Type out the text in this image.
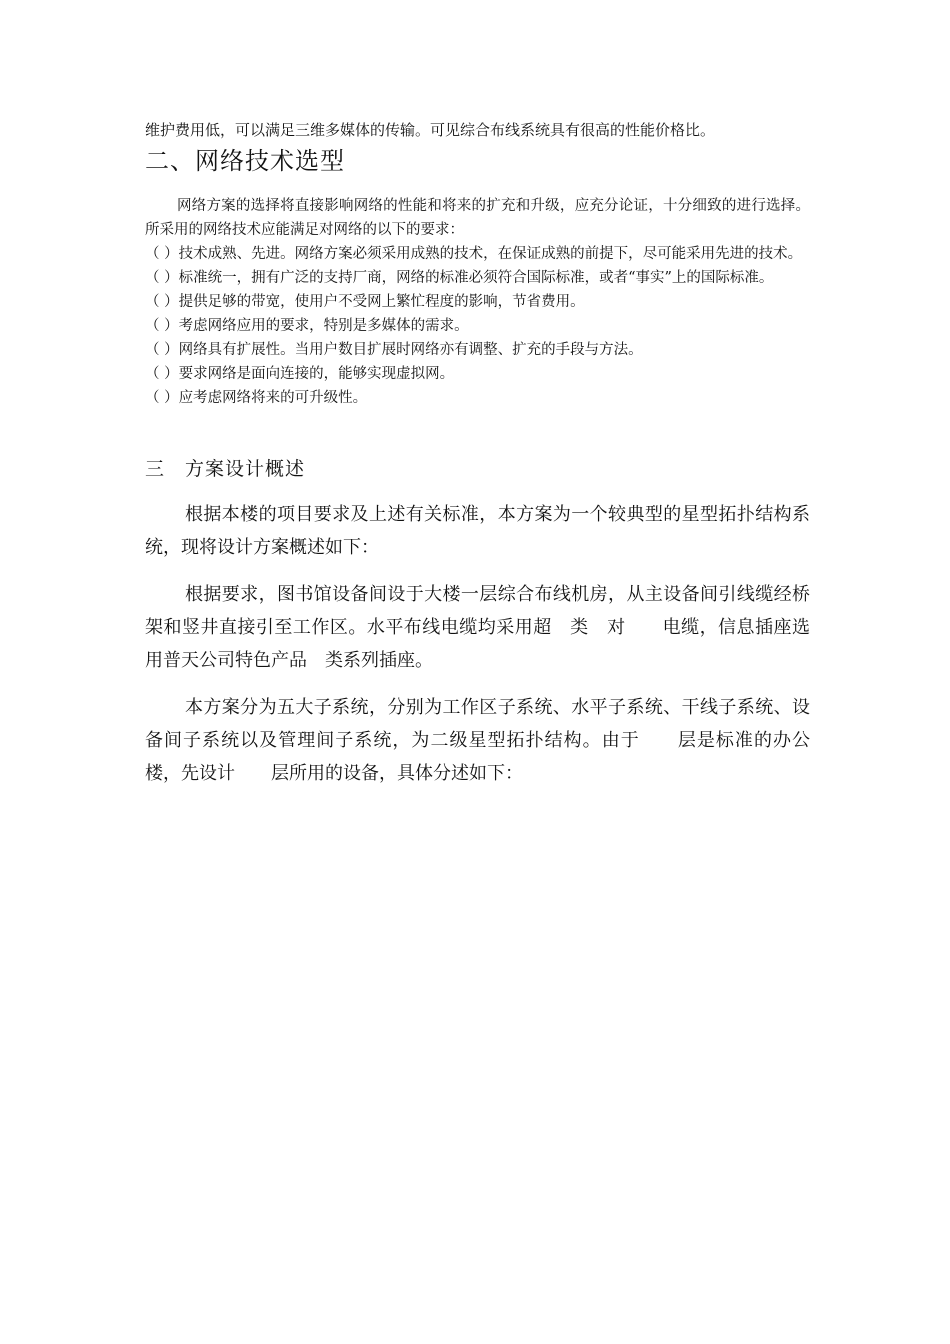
维护费用低，可以满足三维多媒体的传输。可见综合布线系统具有很高的性能价格比。

二、网络技术选型

网络方案的选择将直接影响网络的性能和将来的扩充和升级，应充分论证，十分细致的进行选择。所采用的网络技术应能满足对网络的以下的要求：

（ ）技术成熟、先进。网络方案必须采用成熟的技术，在保证成熟的前提下，尽可能采用先进的技术。
（ ）标准统一，拥有广泛的支持厂商，网络的标准必须符合国际标准，或者“事实”上的国际标准。
（ ）提供足够的带宽，使用户不受网上繁忙程度的影响，节省费用。
（ ）考虑网络应用的要求，特别是多媒体的需求。
（ ）网络具有扩展性。当用户数目扩展时网络亦有调整、扩充的手段与方法。
（ ）要求网络是面向连接的，能够实现虚拟网。
（ ）应考虑网络将来的可升级性。
三　方案设计概述

根据本楼的项目要求及上述有关标准，本方案为一个较典型的星型拓扑结构系统，现将设计方案概述如下：

根据要求，图书馆设备间设于大楼一层综合布线机房，从主设备间引线缆经桥架和竖井直接引至工作区。水平布线电缆均采用超　类　对　　电缆，信息插座选用普天公司特色产品　类系列插座。

本方案分为五大子系统，分别为工作区子系统、水平子系统、干线子系统、设备间子系统以及管理间子系统，为二级星型拓扑结构。由于　　层是标准的办公楼，先设计　　层所用的设备，具体分述如下：
